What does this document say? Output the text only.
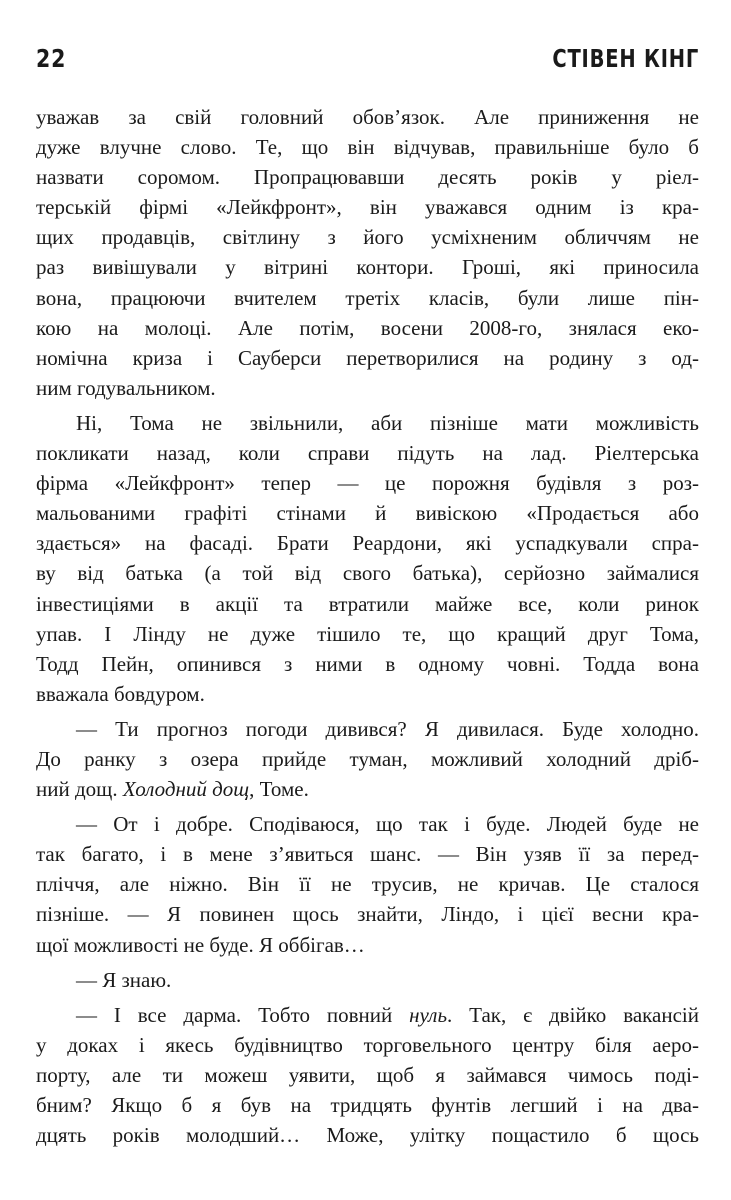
22	СТІВЕН КІНГ
уважав за свій головний обов’язок. Але приниження не
дуже влучне слово. Те, що він відчував, правильніше було б
назвати соромом. Пропрацювавши десять років у ріел-
терській фірмі «Лейкфронт», він уважався одним із кра-
щих продавців, світлину з його усміхненим обличчям не
раз вивішували у вітрині контори. Гроші, які приносила
вона, працюючи вчителем третіх класів, були лише пін-
кою на молоці. Але потім, восени 2008-го, знялася еко-
номічна криза і Сауберси перетворилися на родину з од-
ним годувальником.
Ні, Тома не звільнили, аби пізніше мати можливість
покликати назад, коли справи підуть на лад. Ріелтерська
фірма «Лейкфронт» тепер — це порожня будівля з роз-
мальованими графіті стінами й вивіскою «Продається або
здається» на фасаді. Брати Реардони, які успадкували спра-
ву від батька (а той від свого батька), серйозно займалися
інвестиціями в акції та втратили майже все, коли ринок
упав. І Лінду не дуже тішило те, що кращий друг Тома,
Тодд Пейн, опинився з ними в одному човні. Тодда вона
вважала бовдуром.
— Ти прогноз погоди дивився? Я дивилася. Буде холодно.
До ранку з озера прийде туман, можливий холодний дріб-
ний дощ. Холодний дощ, Томе.
— От і добре. Сподіваюся, що так і буде. Людей буде не
так багато, і в мене з’явиться шанс. — Він узяв її за перед-
пліччя, але ніжно. Він її не трусив, не кричав. Це сталося
пізніше. — Я повинен щось знайти, Ліндо, і цієї весни кра-
щої можливості не буде. Я оббігав…
— Я знаю.
— І все дарма. Тобто повний нуль. Так, є двійко вакансій
у доках і якесь будівництво торговельного центру біля аеро-
порту, але ти можеш уявити, щоб я займався чимось поді-
бним? Якщо б я був на тридцять фунтів легший і на два-
дцять років молодший… Може, улітку пощастило б щось
